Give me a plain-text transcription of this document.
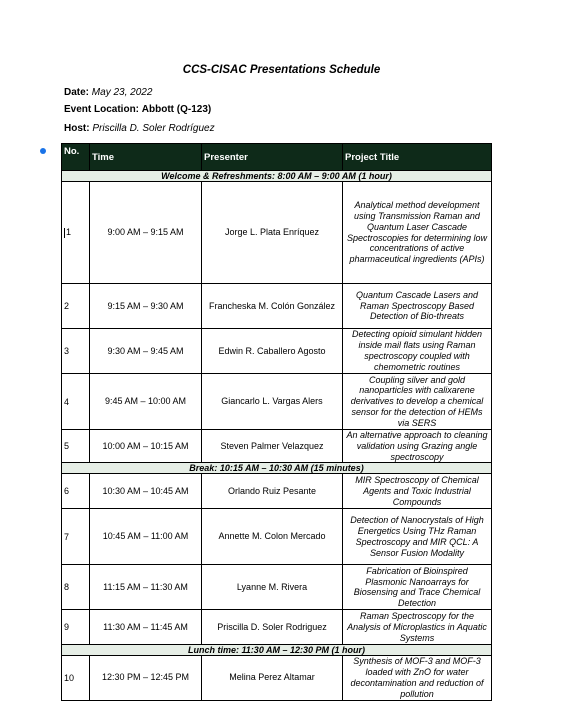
CCS-CISAC Presentations Schedule
Date: May 23, 2022
Event Location: Abbott (Q-123)
Host: Priscilla D. Soler Rodríguez
No.	Time	Presenter	Project Title
Welcome & Refreshments: 8:00 AM – 9:00 AM (1 hour)			
1	9:00 AM – 9:15 AM	Jorge L. Plata Enríquez	Analytical method development using Transmission Raman and Quantum Laser Cascade Spectroscopies for determining low concentrations of active pharmaceutical ingredients (APIs)
2	9:15 AM – 9:30 AM	Francheska M. Colón González	Quantum Cascade Lasers and Raman Spectroscopy Based Detection of Bio-threats
3	9:30 AM – 9:45 AM	Edwin R. Caballero Agosto	Detecting opioid simulant hidden inside mail flats using Raman spectroscopy coupled with chemometric routines
4	9:45 AM – 10:00 AM	Giancarlo L. Vargas Alers	Coupling silver and gold nanoparticles with calixarene derivatives to develop a chemical sensor for the detection of HEMs via SERS
5	10:00 AM – 10:15 AM	Steven Palmer Velazquez	An alternative approach to cleaning validation using Grazing angle spectroscopy
Break: 10:15 AM – 10:30 AM (15 minutes)			
6	10:30 AM – 10:45 AM	Orlando Ruiz Pesante	MIR Spectroscopy of Chemical Agents and Toxic Industrial Compounds
7	10:45 AM – 11:00 AM	Annette M. Colon Mercado	Detection of Nanocrystals of High Energetics Using THz Raman Spectroscopy and MIR QCL: A Sensor Fusion Modality
8	11:15 AM – 11:30 AM	Lyanne M. Rivera	Fabrication of Bioinspired Plasmonic Nanoarrays for Biosensing and Trace Chemical Detection
9	11:30 AM – 11:45 AM	Priscilla D. Soler Rodriguez	Raman Spectroscopy for the Analysis of Microplastics in Aquatic Systems
Lunch time: 11:30 AM – 12:30 PM (1 hour)			
10	12:30 PM – 12:45 PM	Melina Perez Altamar	Synthesis of MOF-3 and MOF-3 loaded with ZnO for water decontamination and reduction of pollution
